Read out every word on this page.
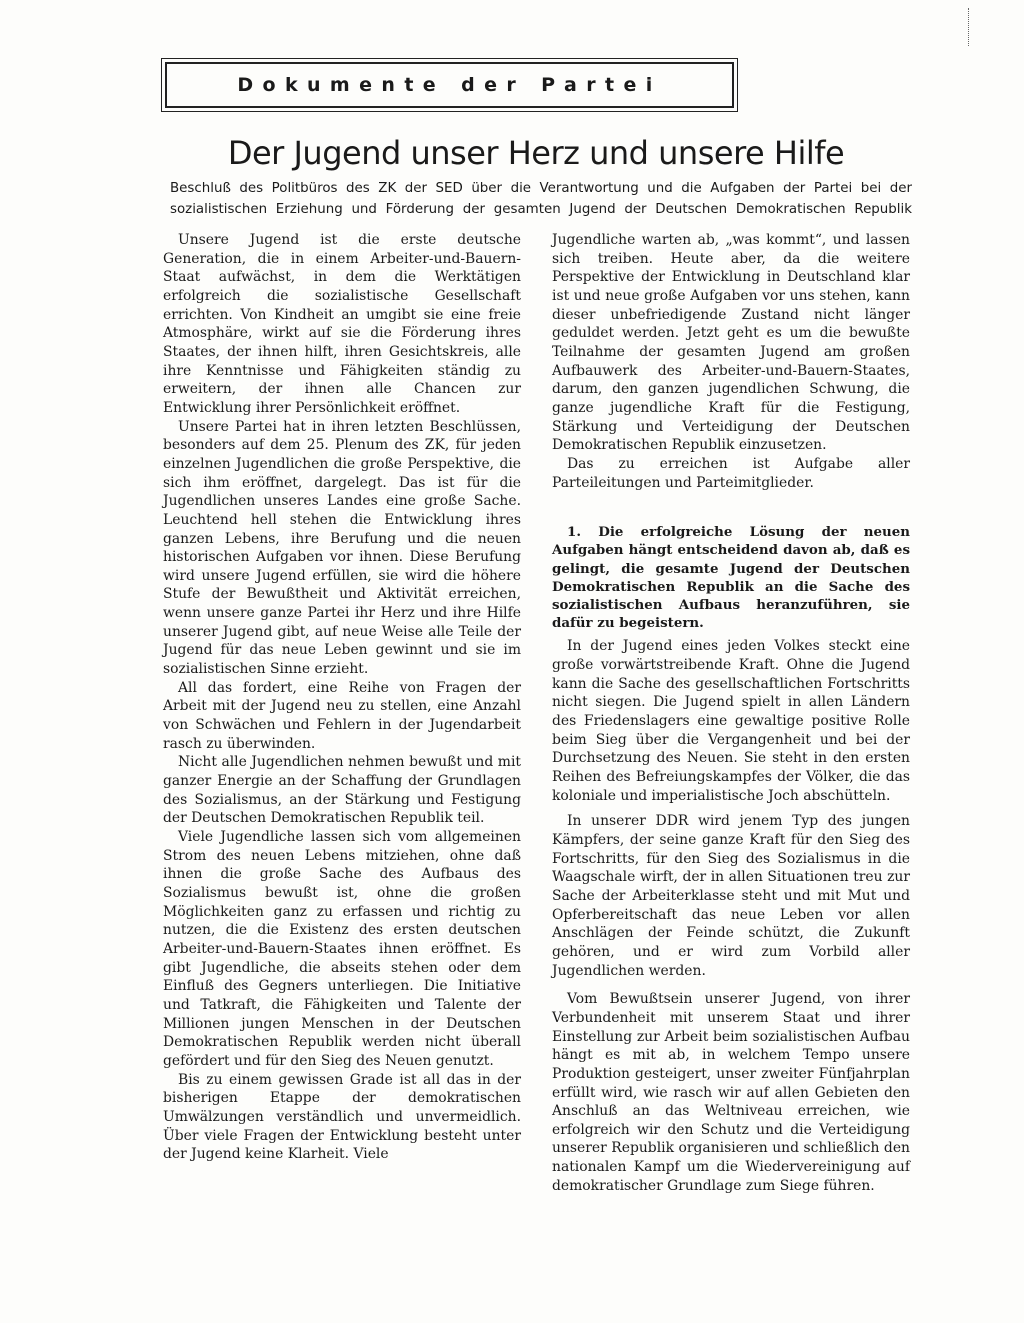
Dokumente der Partei
Der Jugend unser Herz und unsere Hilfe
Beschluß des Politbüros des ZK der SED über die Verantwortung und die Aufgaben der Partei bei der
sozialistischen Erziehung und Förderung der gesamten Jugend der Deutschen Demokratischen Republik

Unsere Jugend ist die erste deutsche Generation, die in einem Arbeiter-und-Bauern-Staat aufwächst, in dem die Werktätigen erfolgreich die sozialistische Gesellschaft errichten. Von Kindheit an umgibt sie eine freie Atmosphäre, wirkt auf sie die Förderung ihres Staates, der ihnen hilft, ihren Gesichtskreis, alle ihre Kenntnisse und Fähigkeiten ständig zu erweitern, der ihnen alle Chancen zur Entwicklung ihrer Persönlichkeit eröffnet.

Unsere Partei hat in ihren letzten Beschlüssen, besonders auf dem 25. Plenum des ZK, für jeden einzelnen Jugendlichen die große Perspektive, die sich ihm eröffnet, dargelegt. Das ist für die Jugendlichen unseres Landes eine große Sache. Leuchtend hell stehen die Entwicklung ihres ganzen Lebens, ihre Berufung und die neuen historischen Aufgaben vor ihnen. Diese Berufung wird unsere Jugend erfüllen, sie wird die höhere Stufe der Bewußtheit und Aktivität erreichen, wenn unsere ganze Partei ihr Herz und ihre Hilfe unserer Jugend gibt, auf neue Weise alle Teile der Jugend für das neue Leben gewinnt und sie im sozialistischen Sinne erzieht.

All das fordert, eine Reihe von Fragen der Arbeit mit der Jugend neu zu stellen, eine Anzahl von Schwächen und Fehlern in der Jugendarbeit rasch zu überwinden.

Nicht alle Jugendlichen nehmen bewußt und mit ganzer Energie an der Schaffung der Grundlagen des Sozialismus, an der Stärkung und Festigung der Deutschen Demokratischen Republik teil.

Viele Jugendliche lassen sich vom allgemeinen Strom des neuen Lebens mitziehen, ohne daß ihnen die große Sache des Aufbaus des Sozialismus bewußt ist, ohne die großen Möglichkeiten ganz zu erfassen und richtig zu nutzen, die die Existenz des ersten deutschen Arbeiter-und-Bauern-Staates ihnen eröffnet. Es gibt Jugendliche, die abseits stehen oder dem Einfluß des Gegners unterliegen. Die Initiative und Tatkraft, die Fähigkeiten und Talente der Millionen jungen Menschen in der Deutschen Demokratischen Republik werden nicht überall gefördert und für den Sieg des Neuen genutzt.

Bis zu einem gewissen Grade ist all das in der bisherigen Etappe der demokratischen Umwälzungen verständlich und unvermeidlich. Über viele Fragen der Entwicklung besteht unter der Jugend keine Klarheit. Viele

Jugendliche warten ab, „was kommt“, und lassen sich treiben. Heute aber, da die weitere Perspektive der Entwicklung in Deutschland klar ist und neue große Aufgaben vor uns stehen, kann dieser unbefriedigende Zustand nicht länger geduldet werden. Jetzt geht es um die bewußte Teilnahme der gesamten Jugend am großen Aufbauwerk des Arbeiter-und-Bauern-Staates, darum, den ganzen jugendlichen Schwung, die ganze jugendliche Kraft für die Festigung, Stärkung und Verteidigung der Deutschen Demokratischen Republik einzusetzen.

Das zu erreichen ist Aufgabe aller Parteileitungen und Parteimitglieder.

1. Die erfolgreiche Lösung der neuen Aufgaben hängt entscheidend davon ab, daß es gelingt, die gesamte Jugend der Deutschen Demokratischen Republik an die Sache des sozialistischen Aufbaus heranzuführen, sie dafür zu begeistern.

In der Jugend eines jeden Volkes steckt eine große vorwärtstreibende Kraft. Ohne die Jugend kann die Sache des gesellschaftlichen Fortschritts nicht siegen. Die Jugend spielt in allen Ländern des Friedenslagers eine gewaltige positive Rolle beim Sieg über die Vergangenheit und bei der Durchsetzung des Neuen. Sie steht in den ersten Reihen des Befreiungskampfes der Völker, die das koloniale und imperialistische Joch abschütteln.

In unserer DDR wird jenem Typ des jungen Kämpfers, der seine ganze Kraft für den Sieg des Fortschritts, für den Sieg des Sozialismus in die Waagschale wirft, der in allen Situationen treu zur Sache der Arbeiterklasse steht und mit Mut und Opferbereitschaft das neue Leben vor allen Anschlägen der Feinde schützt, die Zukunft gehören, und er wird zum Vorbild aller Jugendlichen werden.

Vom Bewußtsein unserer Jugend, von ihrer Verbundenheit mit unserem Staat und ihrer Einstellung zur Arbeit beim sozialistischen Aufbau hängt es mit ab, in welchem Tempo unsere Produktion gesteigert, unser zweiter Fünfjahrplan erfüllt wird, wie rasch wir auf allen Gebieten den Anschluß an das Weltniveau erreichen, wie erfolgreich wir den Schutz und die Verteidigung unserer Republik organisieren und schließlich den nationalen Kampf um die Wiedervereinigung auf demokratischer Grundlage zum Siege führen.
